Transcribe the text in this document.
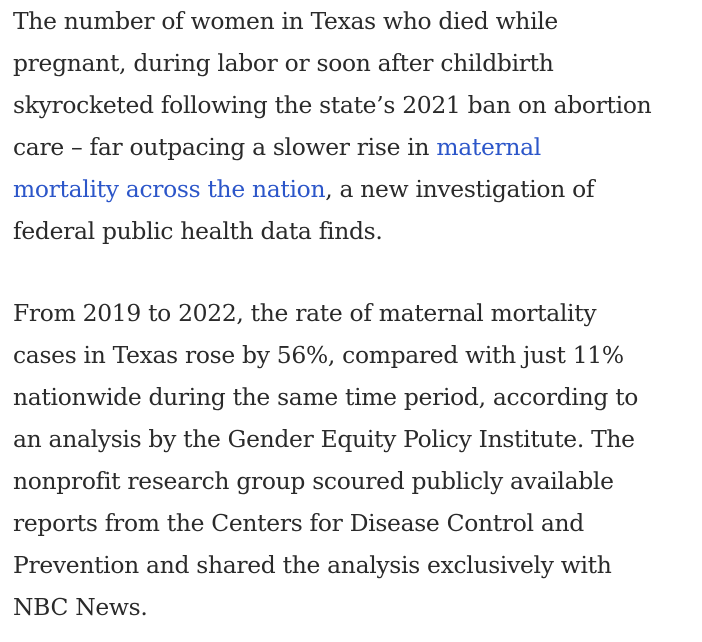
The number of women in Texas who died while
pregnant, during labor or soon after childbirth
skyrocketed following the state’s 2021 ban on abortion
care – far outpacing a slower rise in maternal
mortality across the nation, a new investigation of
federal public health data finds.

From 2019 to 2022, the rate of maternal mortality
cases in Texas rose by 56%, compared with just 11%
nationwide during the same time period, according to
an analysis by the Gender Equity Policy Institute. The
nonprofit research group scoured publicly available
reports from the Centers for Disease Control and
Prevention and shared the analysis exclusively with
NBC News.
